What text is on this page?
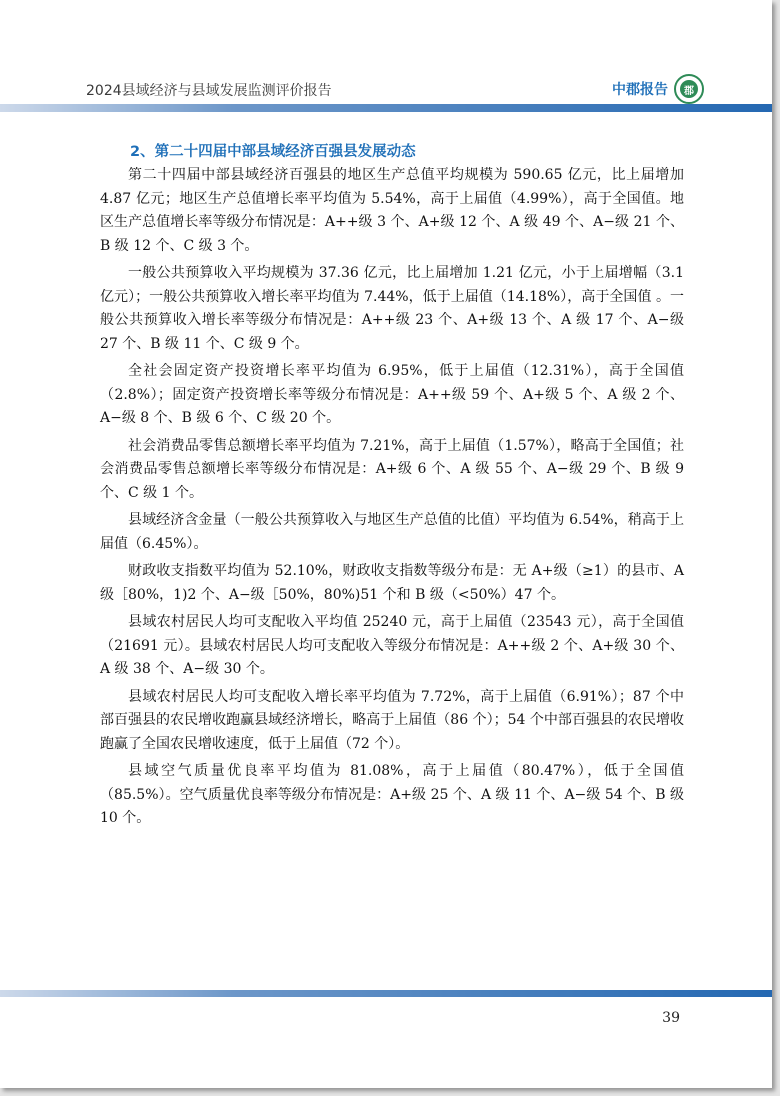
2024县域经济与县域发展监测评价报告	中郡报告	郡
2、第二十四届中部县域经济百强县发展动态

第二十四届中部县域经济百强县的地区生产总值平均规模为 590.65 亿元，比上届增加 4.87 亿元；地区生产总值增长率平均值为 5.54%，高于上届值（4.99%），高于全国值。地区生产总值增长率等级分布情况是：A++级 3 个、A+级 12 个、A 级 49 个、A−级 21 个、B 级 12 个、C 级 3 个。

一般公共预算收入平均规模为 37.36 亿元，比上届增加 1.21 亿元，小于上届增幅（3.1 亿元）；一般公共预算收入增长率平均值为 7.44%，低于上届值（14.18%），高于全国值 。一般公共预算收入增长率等级分布情况是：A++级 23 个、A+级 13 个、A 级 17 个、A−级 27 个、B 级 11 个、C 级 9 个。

全社会固定资产投资增长率平均值为 6.95%，低于上届值（12.31%），高于全国值（2.8%）；固定资产投资增长率等级分布情况是：A++级 59 个、A+级 5 个、A 级 2 个、A−级 8 个、B 级 6 个、C 级 20 个。

社会消费品零售总额增长率平均值为 7.21%，高于上届值（1.57%），略高于全国值；社会消费品零售总额增长率等级分布情况是：A+级 6 个、A 级 55 个、A−级 29 个、B 级 9 个、C 级 1 个。

县域经济含金量（一般公共预算收入与地区生产总值的比值）平均值为 6.54%，稍高于上届值（6.45%）。

财政收支指数平均值为 52.10%，财政收支指数等级分布是：无 A+级（≥1）的县市、A 级［80%，1)2 个、A−级［50%，80%)51 个和 B 级（<50%）47 个。

县域农村居民人均可支配收入平均值 25240 元，高于上届值（23543 元），高于全国值（21691 元）。县域农村居民人均可支配收入等级分布情况是：A++级 2 个、A+级 30 个、A 级 38 个、A−级 30 个。

县域农村居民人均可支配收入增长率平均值为 7.72%，高于上届值（6.91%）；87 个中部百强县的农民增收跑赢县域经济增长，略高于上届值（86 个）；54 个中部百强县的农民增收跑赢了全国农民增收速度，低于上届值（72 个）。

县域空气质量优良率平均值为 81.08%，高于上届值（80.47%），低于全国值（85.5%）。空气质量优良率等级分布情况是：A+级 25 个、A 级 11 个、A−级 54 个、B 级 10 个。

39
